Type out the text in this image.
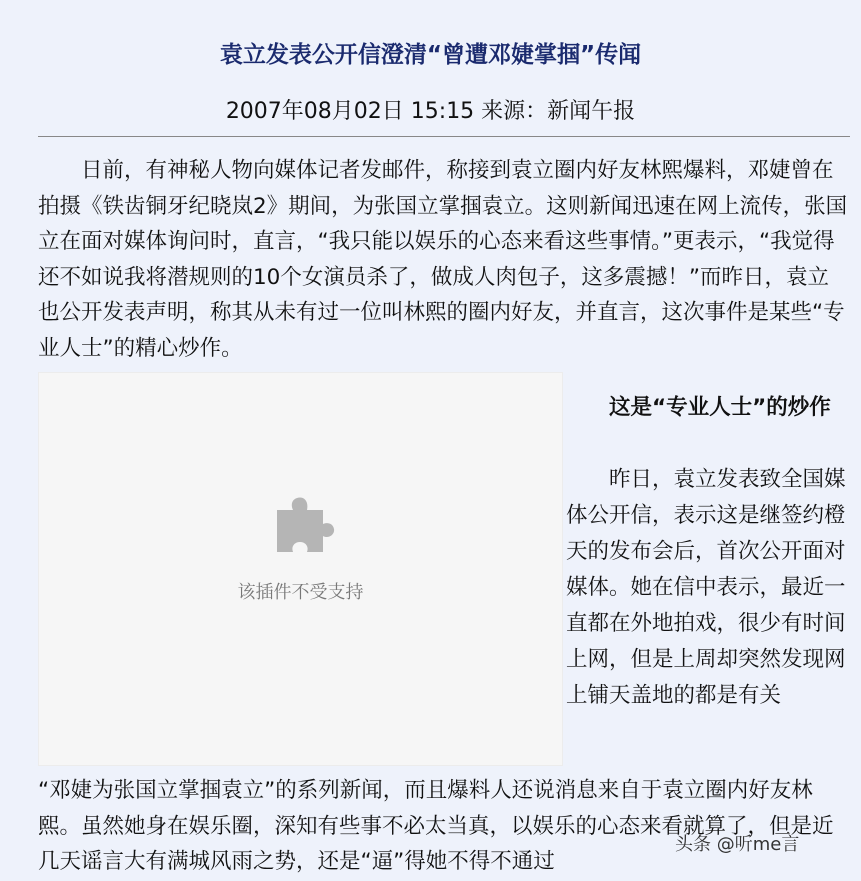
袁立发表公开信澄清“曾遭邓婕掌掴”传闻
2007年08月02日 15:15 来源：新闻午报

日前，有神秘人物向媒体记者发邮件，称接到袁立圈内好友林熙爆料，邓婕曾在拍摄《铁齿铜牙纪晓岚2》期间，为张国立掌掴袁立。这则新闻迅速在网上流传，张国立在面对媒体询问时，直言，“我只能以娱乐的心态来看这些事情。”更表示，“我觉得还不如说我将潜规则的10个女演员杀了，做成人肉包子，这多震撼！”而昨日，袁立也公开发表声明，称其从未有过一位叫林熙的圈内好友，并直言，这次事件是某些“专业人士”的精心炒作。

该插件不受支持

这是“专业人士”的炒作

昨日，袁立发表致全国媒体公开信，表示这是继签约橙天的发布会后，首次公开面对媒体。她在信中表示，最近一直都在外地拍戏，很少有时间上网，但是上周却突然发现网上铺天盖地的都是有关

“邓婕为张国立掌掴袁立”的系列新闻，而且爆料人还说消息来自于袁立圈内好友林熙。虽然她身在娱乐圈，深知有些事不必太当真，以娱乐的心态来看就算了，但是近几天谣言大有满城风雨之势，还是“逼”得她不得不通过

头条 @听me言
